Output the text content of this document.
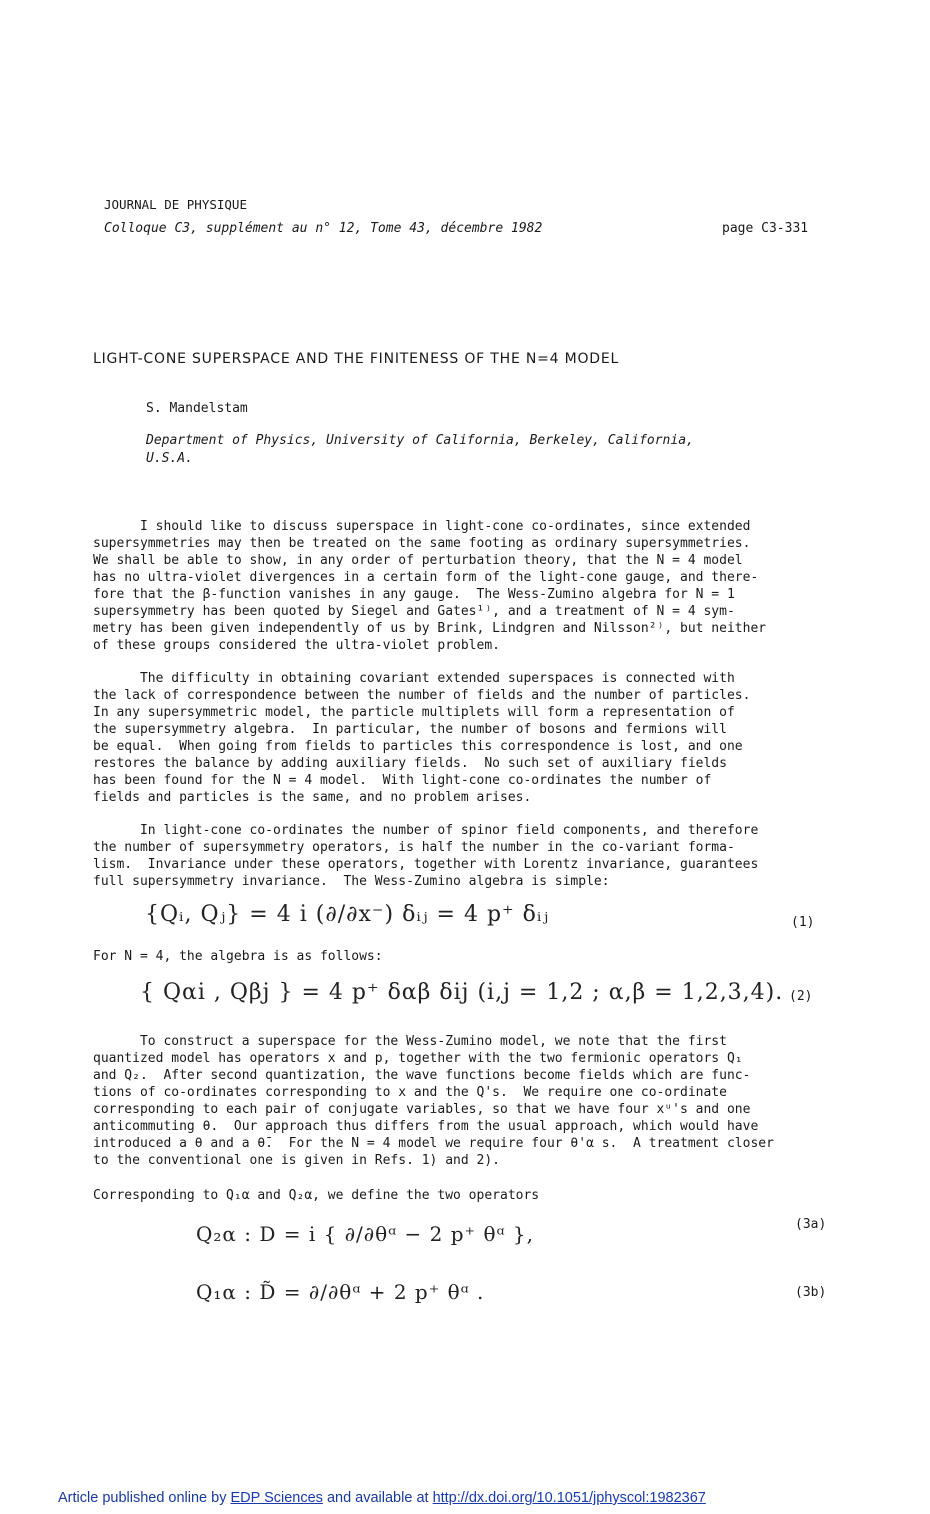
JOURNAL DE PHYSIQUE
Colloque C3, supplément au n° 12, Tome 43, décembre 1982	page C3-331
LIGHT-CONE SUPERSPACE AND THE FINITENESS OF THE N=4 MODEL
S. Mandelstam
Department of Physics, University of California, Berkeley, California,
U.S.A.
I should like to discuss superspace in light-cone co-ordinates, since extended
supersymmetries may then be treated on the same footing as ordinary supersymmetries.
We shall be able to show, in any order of perturbation theory, that the N = 4 model
has no ultra-violet divergences in a certain form of the light-cone gauge, and there-
fore that the β-function vanishes in any gauge.  The Wess-Zumino algebra for N = 1
supersymmetry has been quoted by Siegel and Gates¹⁾, and a treatment of N = 4 sym-
metry has been given independently of us by Brink, Lindgren and Nilsson²⁾, but neither
of these groups considered the ultra-violet problem.
The difficulty in obtaining covariant extended superspaces is connected with
the lack of correspondence between the number of fields and the number of particles.
In any supersymmetric model, the particle multiplets will form a representation of
the supersymmetry algebra.  In particular, the number of bosons and fermions will
be equal.  When going from fields to particles this correspondence is lost, and one
restores the balance by adding auxiliary fields.  No such set of auxiliary fields
has been found for the N = 4 model.  With light-cone co-ordinates the number of
fields and particles is the same, and no problem arises.
In light-cone co-ordinates the number of spinor field components, and therefore
the number of supersymmetry operators, is half the number in the co-variant forma-
lism.  Invariance under these operators, together with Lorentz invariance, guarantees
full supersymmetry invariance.  The Wess-Zumino algebra is simple:
{Qᵢ, Qⱼ} = 4 i (∂/∂x⁻) δᵢⱼ = 4 p⁺ δᵢⱼ	(1)
For N = 4, the algebra is as follows:
{ Qαi , Qβj } = 4 p⁺ δαβ δij (i,j = 1,2 ; α,β = 1,2,3,4). (2)
To construct a superspace for the Wess-Zumino model, we note that the first
quantized model has operators x and p, together with the two fermionic operators Q₁
and Q₂.  After second quantization, the wave functions become fields which are func-
tions of co-ordinates corresponding to x and the Q's.  We require one co-ordinate
corresponding to each pair of conjugate variables, so that we have four xᵘ's and one
anticommuting θ.  Our approach thus differs from the usual approach, which would have
introduced a θ and a θ̄.  For the N = 4 model we require four θ'α s.  A treatment closer
to the conventional one is given in Refs. 1) and 2).
Corresponding to Q₁α and Q₂α, we define the two operators
Q₂α : D = i { ∂/∂θᵅ − 2 p⁺ θᵅ },	(3a)
Q₁α : D̃ = ∂/∂θᵅ + 2 p⁺ θᵅ .	(3b)
Article published online by EDP Sciences and available at http://dx.doi.org/10.1051/jphyscol:1982367
